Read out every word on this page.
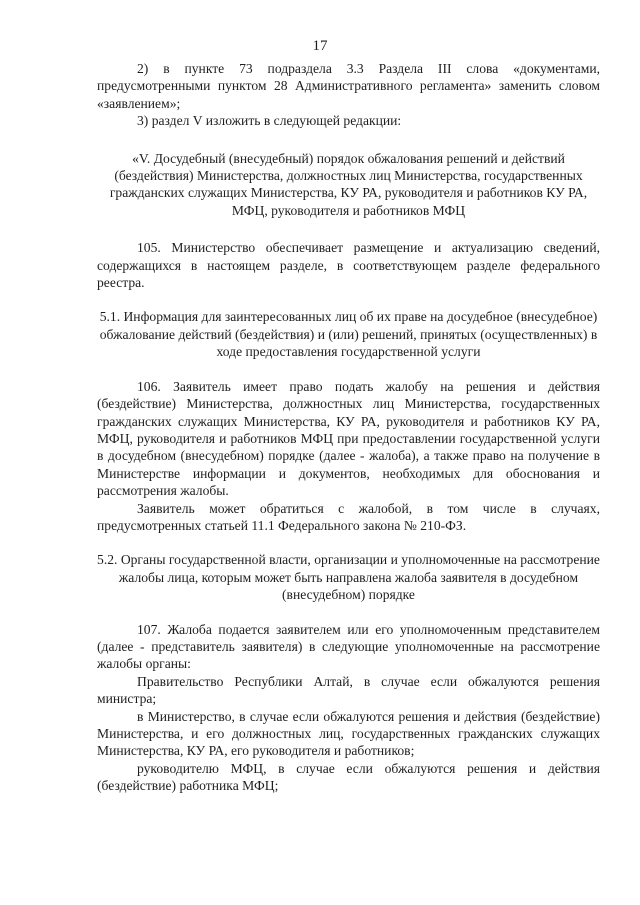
17

2) в пункте 73 подраздела 3.3 Раздела III слова «документами, предусмотренными пунктом 28 Административного регламента» заменить словом «заявлением»;

3) раздел V изложить в следующей редакции:

«V. Досудебный (внесудебный) порядок обжалования решений и действий (бездействия) Министерства, должностных лиц Министерства, государственных гражданских служащих Министерства, КУ РА, руководителя и работников КУ РА, МФЦ, руководителя и работников МФЦ

105. Министерство обеспечивает размещение и актуализацию сведений, содержащихся в настоящем разделе, в соответствующем разделе федерального реестра.

5.1. Информация для заинтересованных лиц об их праве на досудебное (внесудебное) обжалование действий (бездействия) и (или) решений, принятых (осуществленных) в ходе предоставления государственной услуги

106. Заявитель имеет право подать жалобу на решения и действия (бездействие) Министерства, должностных лиц Министерства, государственных гражданских служащих Министерства, КУ РА, руководителя и работников КУ РА, МФЦ, руководителя и работников МФЦ при предоставлении государственной услуги в досудебном (внесудебном) порядке (далее - жалоба), а также право на получение в Министерстве информации и документов, необходимых для обоснования и рассмотрения жалобы.

Заявитель может обратиться с жалобой, в том числе в случаях, предусмотренных статьей 11.1 Федерального закона № 210-ФЗ.

5.2. Органы государственной власти, организации и уполномоченные на рассмотрение жалобы лица, которым может быть направлена жалоба заявителя в досудебном (внесудебном) порядке

107. Жалоба подается заявителем или его уполномоченным представителем (далее - представитель заявителя) в следующие уполномоченные на рассмотрение жалобы органы:

Правительство Республики Алтай, в случае если обжалуются решения министра;

в Министерство, в случае если обжалуются решения и действия (бездействие) Министерства, и его должностных лиц, государственных гражданских служащих Министерства, КУ РА, его руководителя и работников;

руководителю МФЦ, в случае если обжалуются решения и действия (бездействие) работника МФЦ;
